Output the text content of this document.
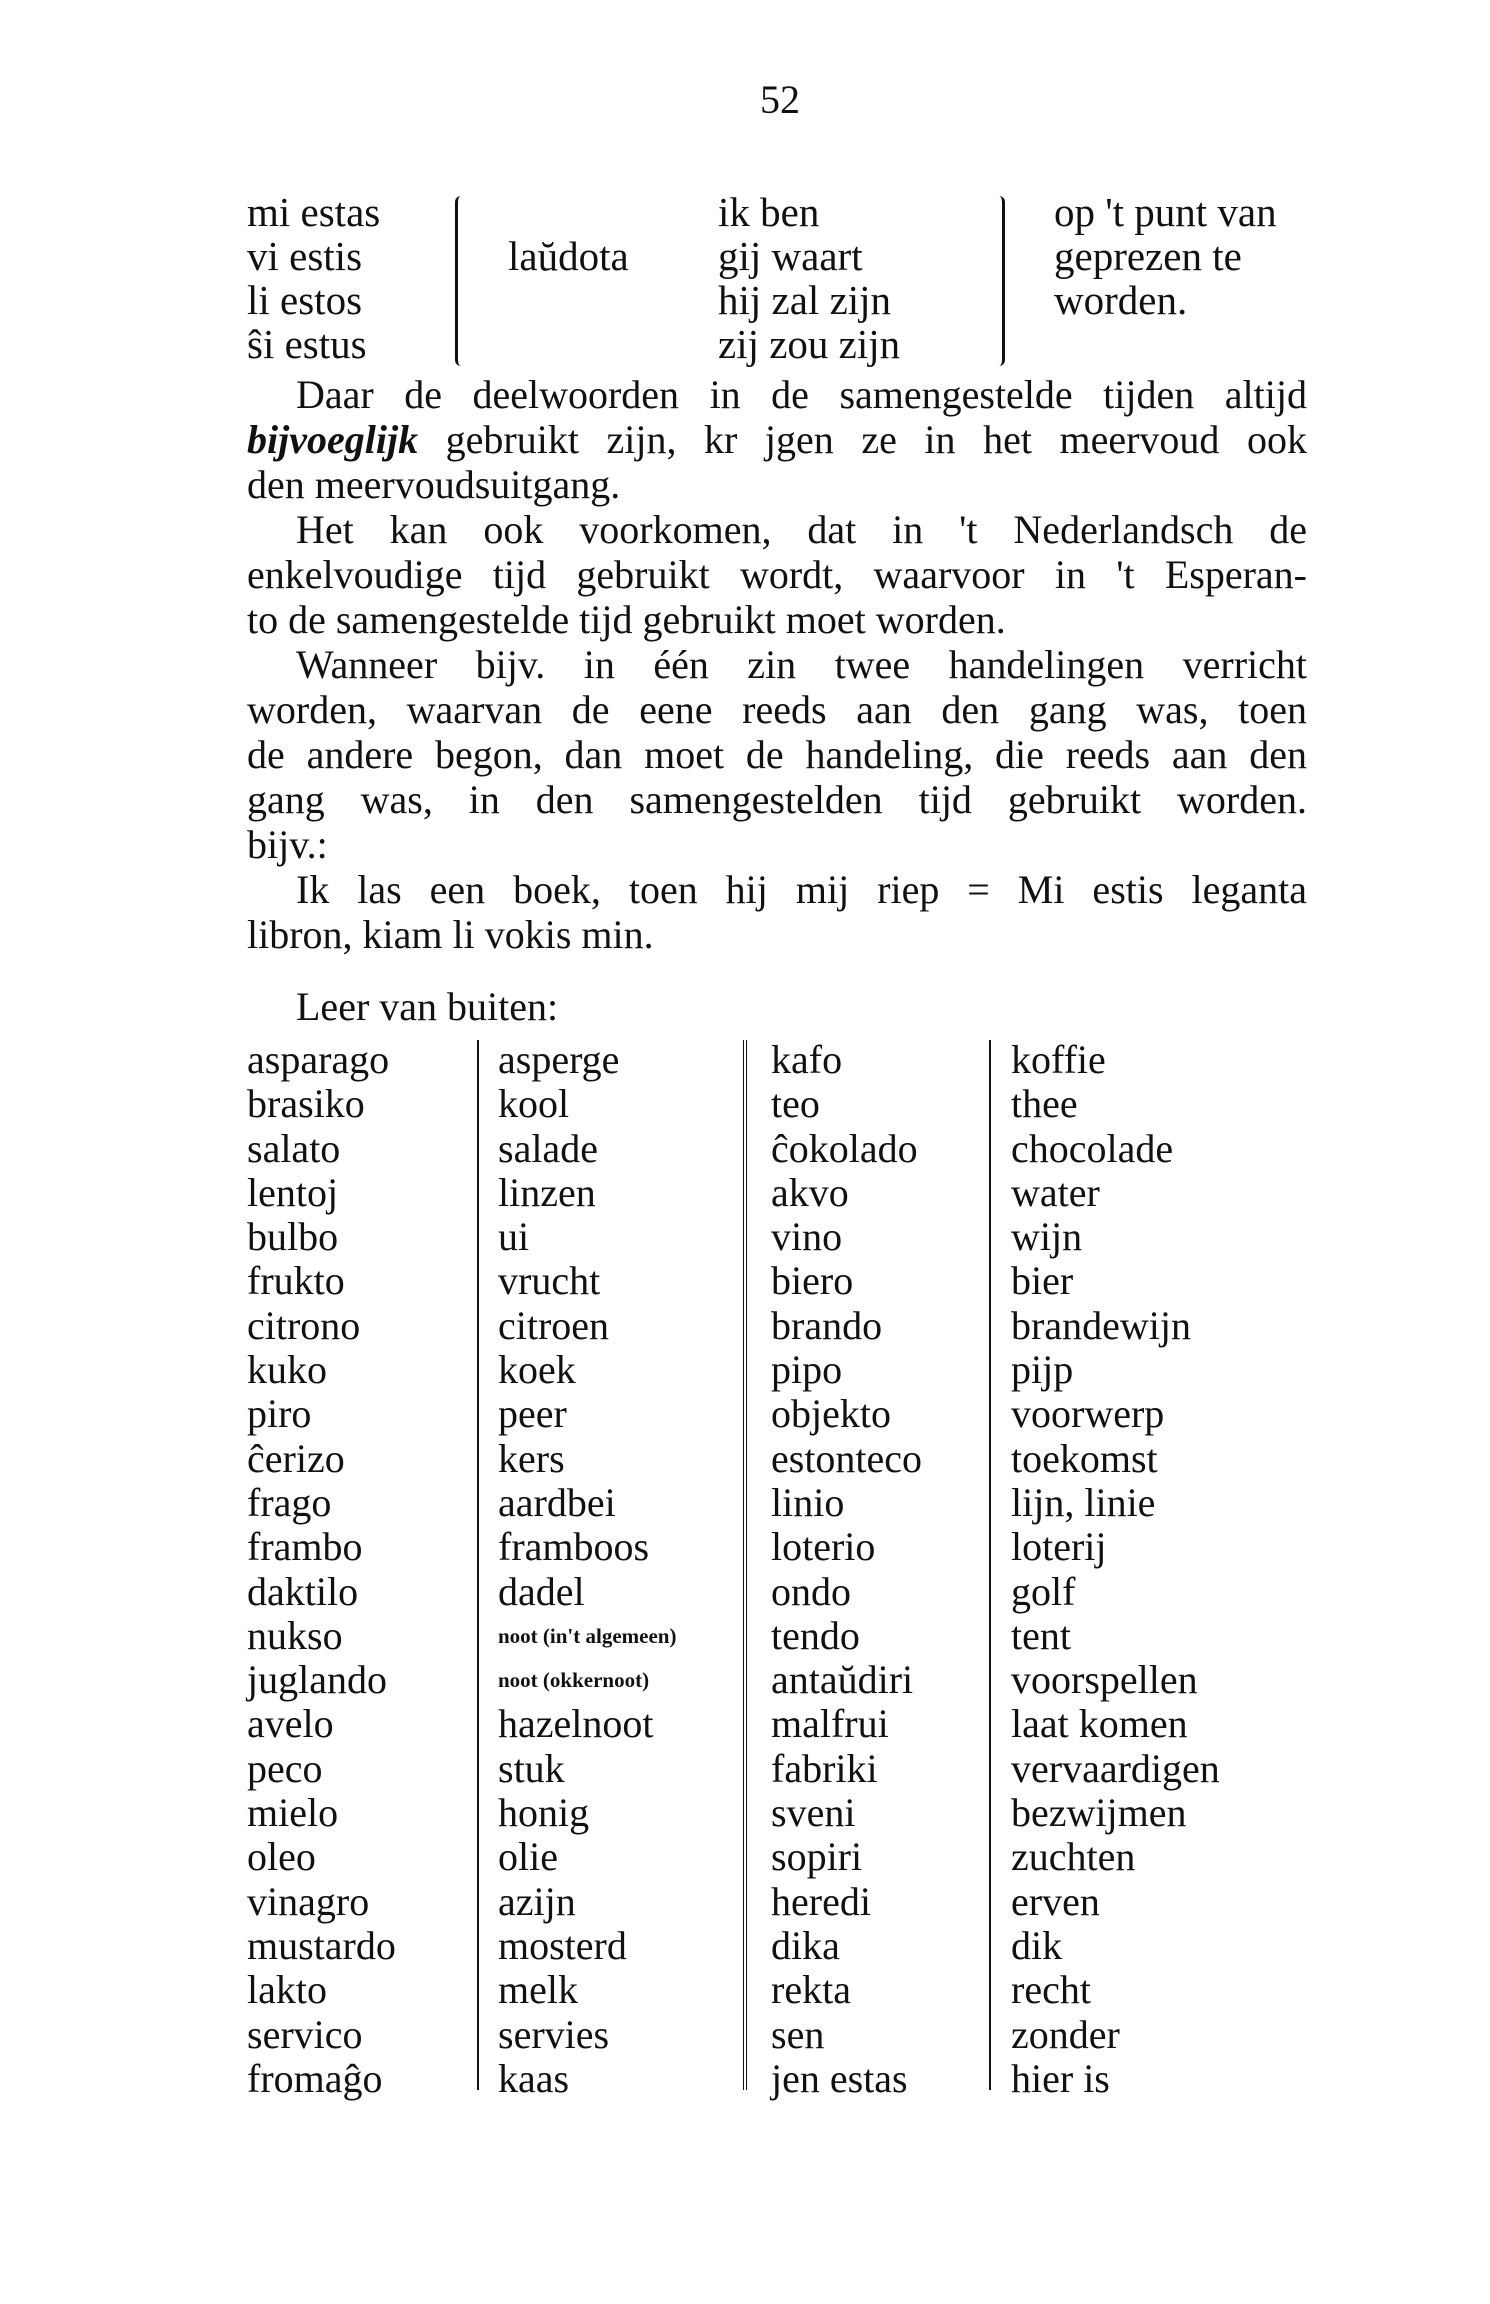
52
mi estas
vi estis
li estos
ŝi estus
laŭdota
ik ben
gij waart
hij zal zijn
zij zou zijn
op 't punt van
geprezen te
worden.
Daar de deelwoorden in de samengestelde tijden altijd
bijvoeglijk gebruikt zijn, kr jgen ze in het meervoud ook
den meervoudsuitgang.
Het kan ook voorkomen, dat in 't Nederlandsch de
enkelvoudige tijd gebruikt wordt, waarvoor in 't Esperan-
to de samengestelde tijd gebruikt moet worden.
Wanneer bijv. in één zin twee handelingen verricht
worden, waarvan de eene reeds aan den gang was, toen
de andere begon, dan moet de handeling, die reeds aan den
gang was, in den samengestelden tijd gebruikt worden.
bijv.:
Ik las een boek, toen hij mij riep = Mi estis leganta
libron, kiam li vokis min.
Leer van buiten:
asparago
brasiko
salato
lentoj
bulbo
frukto
citrono
kuko
piro
ĉerizo
frago
frambo
daktilo
nukso
juglando
avelo
peco
mielo
oleo
vinagro
mustardo
lakto
servico
fromaĝo
asperge
kool
salade
linzen
ui
vrucht
citroen
koek
peer
kers
aardbei
framboos
dadel
noot (in't algemeen)
noot (okkernoot)
hazelnoot
stuk
honig
olie
azijn
mosterd
melk
servies
kaas
kafo
teo
ĉokolado
akvo
vino
biero
brando
pipo
objekto
estonteco
linio
loterio
ondo
tendo
antaŭdiri
malfrui
fabriki
sveni
sopiri
heredi
dika
rekta
sen
jen estas
koffie
thee
chocolade
water
wijn
bier
brandewijn
pijp
voorwerp
toekomst
lijn, linie
loterij
golf
tent
voorspellen
laat komen
vervaardigen
bezwijmen
zuchten
erven
dik
recht
zonder
hier is
